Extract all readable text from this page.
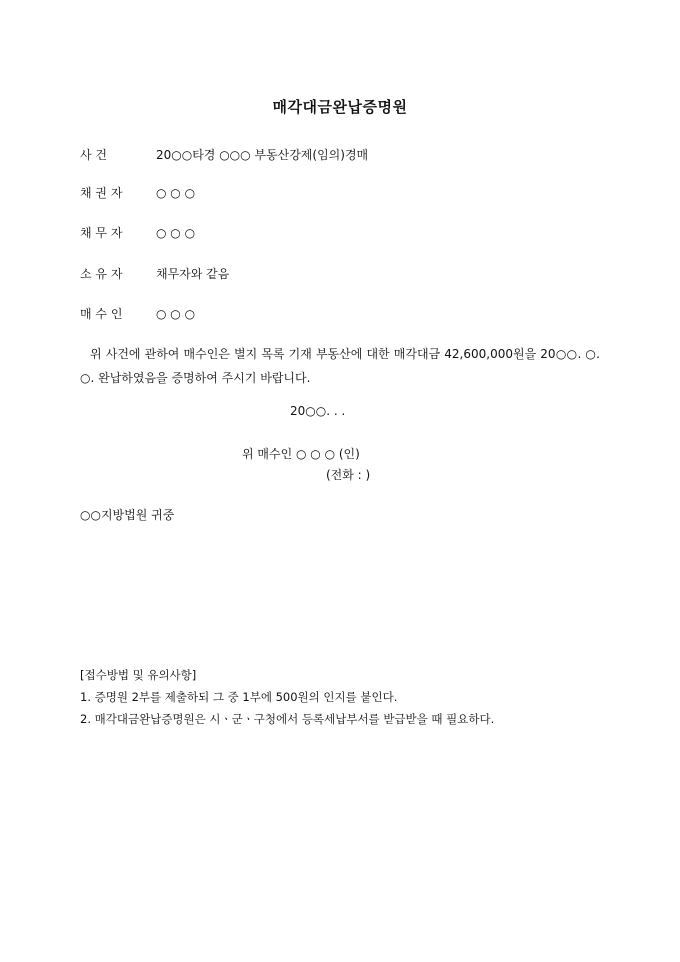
매각대금완납증명원
사 건	20○○타경 ○○○ 부동산강제(임의)경매
채 권 자	○ ○ ○
채 무 자	○ ○ ○
소 유 자	채무자와 같음
매 수 인	○ ○ ○
위 사건에 관하여 매수인은 별지 목록 기재 부동산에 대한 매각대금 42,600,000원을 20○○. ○. ○. 완납하였음을 증명하여 주시기 바랍니다.
20○○. . .
위 매수인 ○ ○ ○ (인)
(전화 : )
○○지방법원 귀중
[접수방법 및 유의사항]
1. 증명원 2부를 제출하되 그 중 1부에 500원의 인지를 붙인다.
2. 매각대금완납증명원은 시ㆍ군ㆍ구청에서 등록세납부서를 받급받을 때 필요하다.
